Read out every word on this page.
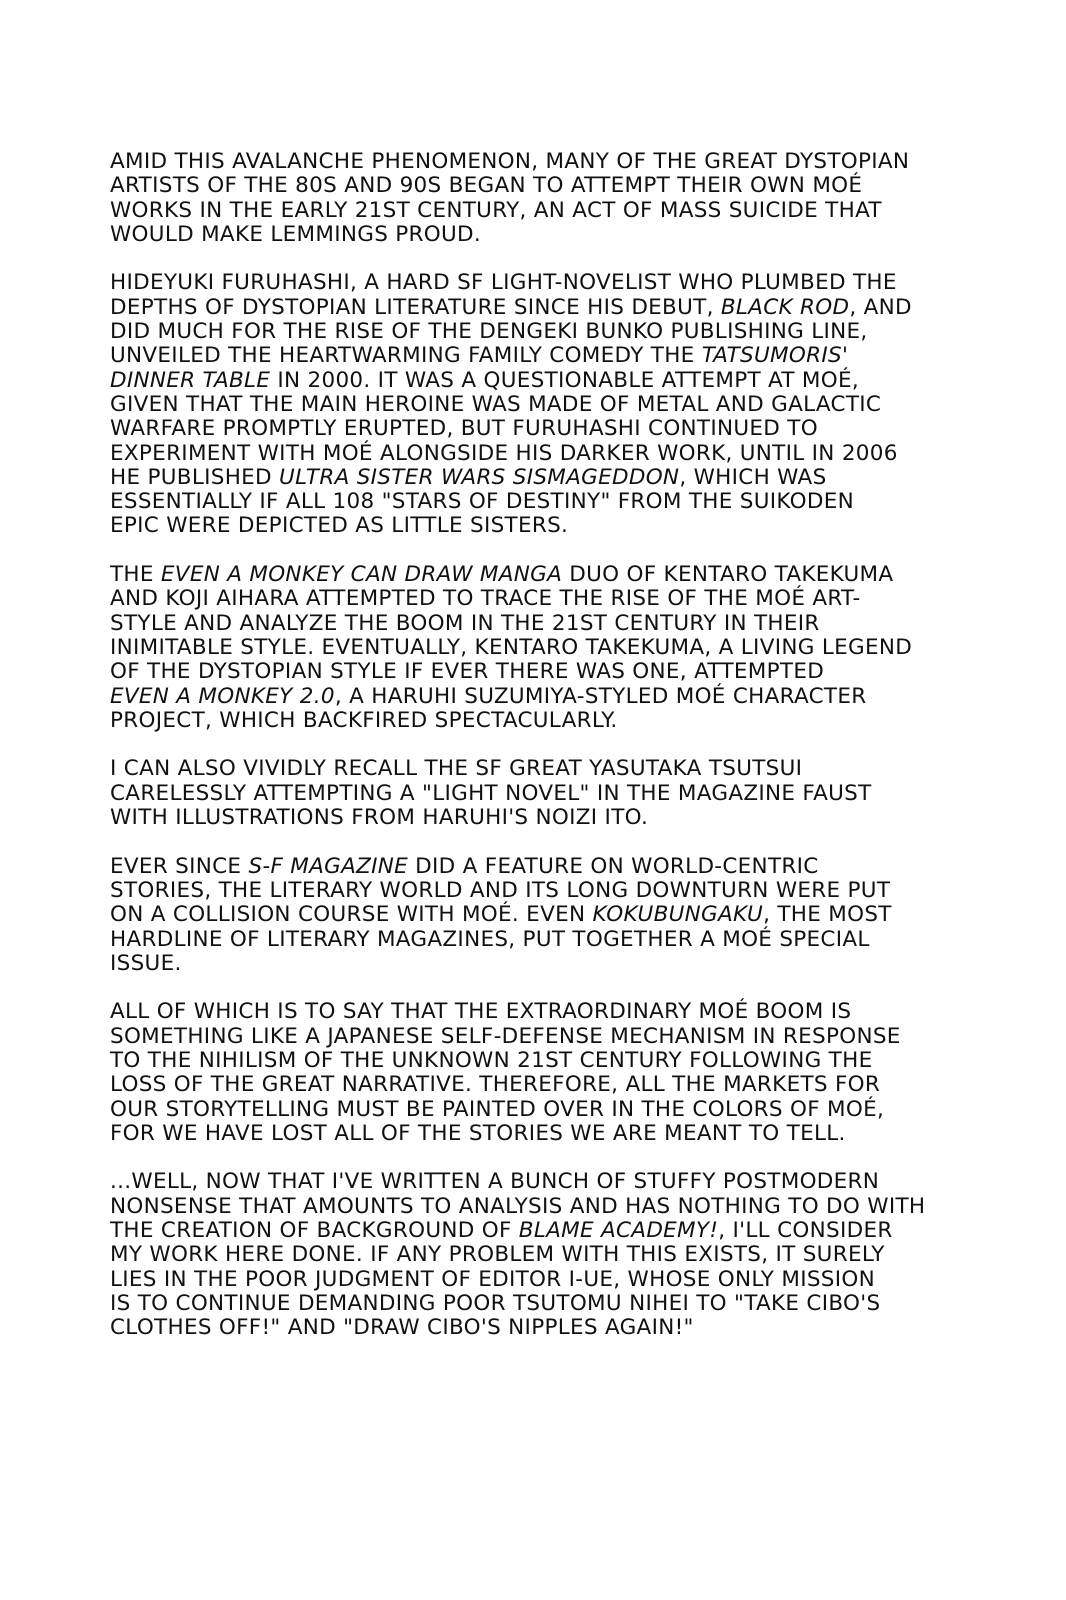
AMID THIS AVALANCHE PHENOMENON, MANY OF THE GREAT DYSTOPIAN
ARTISTS OF THE 80S AND 90S BEGAN TO ATTEMPT THEIR OWN MOÉ
WORKS IN THE EARLY 21ST CENTURY, AN ACT OF MASS SUICIDE THAT
WOULD MAKE LEMMINGS PROUD.
HIDEYUKI FURUHASHI, A HARD SF LIGHT-NOVELIST WHO PLUMBED THE
DEPTHS OF DYSTOPIAN LITERATURE SINCE HIS DEBUT, BLACK ROD, AND
DID MUCH FOR THE RISE OF THE DENGEKI BUNKO PUBLISHING LINE,
UNVEILED THE HEARTWARMING FAMILY COMEDY THE TATSUMORIS'
DINNER TABLE IN 2000. IT WAS A QUESTIONABLE ATTEMPT AT MOÉ,
GIVEN THAT THE MAIN HEROINE WAS MADE OF METAL AND GALACTIC
WARFARE PROMPTLY ERUPTED, BUT FURUHASHI CONTINUED TO
EXPERIMENT WITH MOÉ ALONGSIDE HIS DARKER WORK, UNTIL IN 2006
HE PUBLISHED ULTRA SISTER WARS SISMAGEDDON, WHICH WAS
ESSENTIALLY IF ALL 108 "STARS OF DESTINY" FROM THE SUIKODEN
EPIC WERE DEPICTED AS LITTLE SISTERS.
THE EVEN A MONKEY CAN DRAW MANGA DUO OF KENTARO TAKEKUMA
AND KOJI AIHARA ATTEMPTED TO TRACE THE RISE OF THE MOÉ ART-
STYLE AND ANALYZE THE BOOM IN THE 21ST CENTURY IN THEIR
INIMITABLE STYLE. EVENTUALLY, KENTARO TAKEKUMA, A LIVING LEGEND
OF THE DYSTOPIAN STYLE IF EVER THERE WAS ONE, ATTEMPTED
EVEN A MONKEY 2.0, A HARUHI SUZUMIYA-STYLED MOÉ CHARACTER
PROJECT, WHICH BACKFIRED SPECTACULARLY.
I CAN ALSO VIVIDLY RECALL THE SF GREAT YASUTAKA TSUTSUI
CARELESSLY ATTEMPTING A "LIGHT NOVEL" IN THE MAGAZINE FAUST
WITH ILLUSTRATIONS FROM HARUHI'S NOIZI ITO.
EVER SINCE S-F MAGAZINE DID A FEATURE ON WORLD-CENTRIC
STORIES, THE LITERARY WORLD AND ITS LONG DOWNTURN WERE PUT
ON A COLLISION COURSE WITH MOÉ. EVEN KOKUBUNGAKU, THE MOST
HARDLINE OF LITERARY MAGAZINES, PUT TOGETHER A MOÉ SPECIAL
ISSUE.
ALL OF WHICH IS TO SAY THAT THE EXTRAORDINARY MOÉ BOOM IS
SOMETHING LIKE A JAPANESE SELF-DEFENSE MECHANISM IN RESPONSE
TO THE NIHILISM OF THE UNKNOWN 21ST CENTURY FOLLOWING THE
LOSS OF THE GREAT NARRATIVE. THEREFORE, ALL THE MARKETS FOR
OUR STORYTELLING MUST BE PAINTED OVER IN THE COLORS OF MOÉ,
FOR WE HAVE LOST ALL OF THE STORIES WE ARE MEANT TO TELL.
...WELL, NOW THAT I'VE WRITTEN A BUNCH OF STUFFY POSTMODERN
NONSENSE THAT AMOUNTS TO ANALYSIS AND HAS NOTHING TO DO WITH
THE CREATION OF BACKGROUND OF BLAME ACADEMY!, I'LL CONSIDER
MY WORK HERE DONE. IF ANY PROBLEM WITH THIS EXISTS, IT SURELY
LIES IN THE POOR JUDGMENT OF EDITOR I-UE, WHOSE ONLY MISSION
IS TO CONTINUE DEMANDING POOR TSUTOMU NIHEI TO "TAKE CIBO'S
CLOTHES OFF!" AND "DRAW CIBO'S NIPPLES AGAIN!"
